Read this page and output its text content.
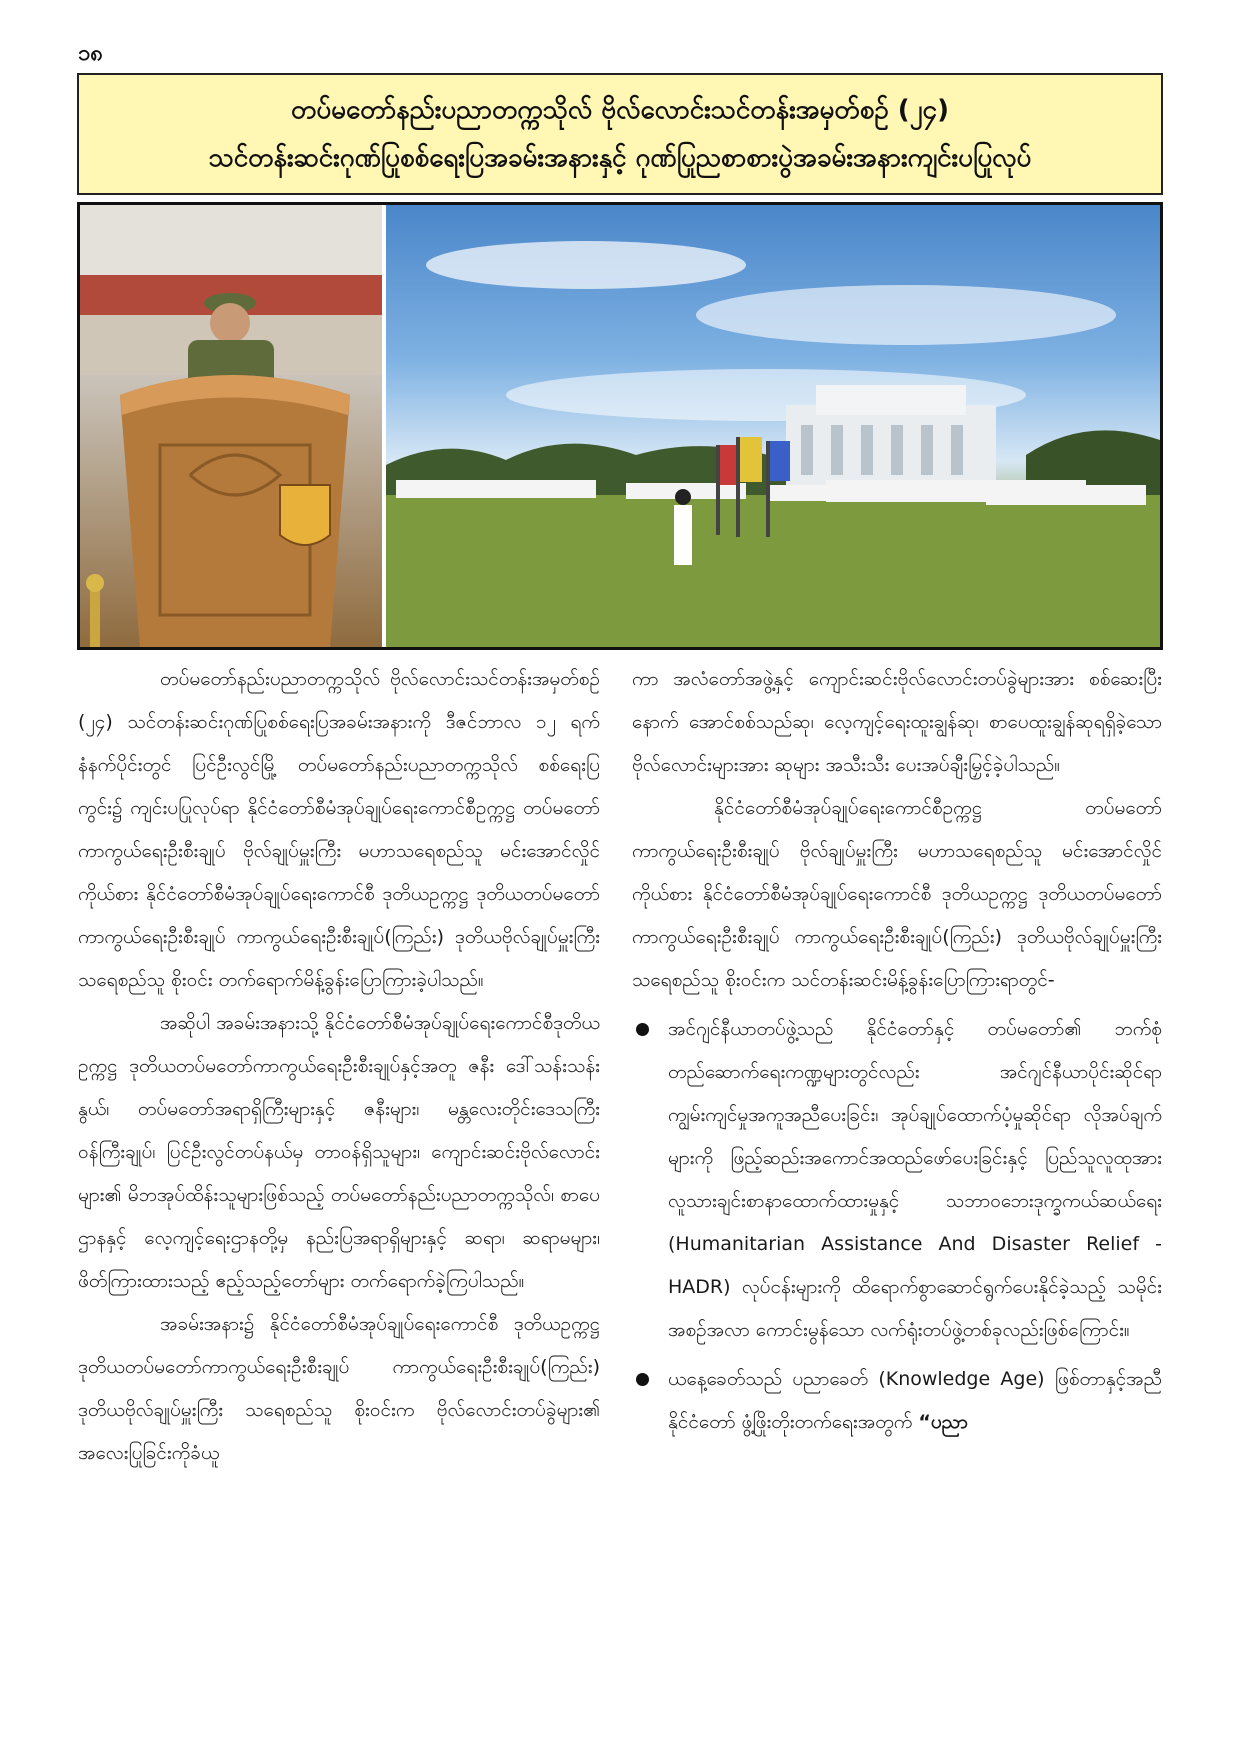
၁၈
တပ်မတော်နည်းပညာတက္ကသိုလ် ဗိုလ်လောင်းသင်တန်းအမှတ်စဉ် (၂၄)
သင်တန်းဆင်းဂုဏ်ပြုစစ်ရေးပြအခမ်းအနားနှင့် ဂုဏ်ပြုညစာစားပွဲအခမ်းအနားကျင်းပပြုလုပ်

တပ်မတော်နည်းပညာတက္ကသိုလ် ဗိုလ်လောင်းသင်တန်းအမှတ်စဉ် (၂၄) သင်တန်းဆင်းဂုဏ်ပြုစစ်ရေးပြအခမ်းအနားကို ဒီဇင်ဘာလ ၁၂ ရက်နံနက်ပိုင်းတွင် ပြင်ဦးလွင်မြို့ တပ်မတော်နည်းပညာတက္ကသိုလ် စစ်ရေးပြကွင်း၌ ကျင်းပပြုလုပ်ရာ နိုင်ငံတော်စီမံအုပ်ချုပ်ရေးကောင်စီဥက္ကဋ္ဌ တပ်မတော်ကာကွယ်ရေးဦးစီးချုပ် ဗိုလ်ချုပ်မှူးကြီး မဟာသရေစည်သူ မင်းအောင်လှိုင်ကိုယ်စား နိုင်ငံတော်စီမံအုပ်ချုပ်ရေးကောင်စီ ဒုတိယဥက္ကဋ္ဌ ဒုတိယတပ်မတော်ကာကွယ်ရေးဦးစီးချုပ် ကာကွယ်ရေးဦးစီးချုပ်(ကြည်း) ဒုတိယဗိုလ်ချုပ်မှူးကြီး သရေစည်သူ စိုးဝင်း တက်ရောက်မိန့်ခွန်းပြောကြားခဲ့ပါသည်။

အဆိုပါ အခမ်းအနားသို့ နိုင်ငံတော်စီမံအုပ်ချုပ်ရေးကောင်စီဒုတိယဥက္ကဋ္ဌ ဒုတိယတပ်မတော်ကာကွယ်ရေးဦးစီးချုပ်နှင့်အတူ ဇနီး ဒေါ်သန်းသန်းနွယ်၊ တပ်မတော်အရာရှိကြီးများနှင့် ဇနီးများ၊ မန္တလေးတိုင်းဒေသကြီးဝန်ကြီးချုပ်၊ ပြင်ဦးလွင်တပ်နယ်မှ တာဝန်ရှိသူများ၊ ကျောင်းဆင်းဗိုလ်လောင်းများ၏ မိဘအုပ်ထိန်းသူများဖြစ်သည့် တပ်မတော်နည်းပညာတက္ကသိုလ်၊ စာပေဌာနနှင့် လေ့ကျင့်ရေးဌာနတို့မှ နည်းပြအရာရှိများနှင့် ဆရာ၊ ဆရာမများ၊ ဖိတ်ကြားထားသည့် ဧည့်သည့်တော်များ တက်ရောက်ခဲ့ကြပါသည်။

အခမ်းအနား၌ နိုင်ငံတော်စီမံအုပ်ချုပ်ရေးကောင်စီ ဒုတိယဥက္ကဋ္ဌ ဒုတိယတပ်မတော်ကာကွယ်ရေးဦးစီးချုပ် ကာကွယ်ရေးဦးစီးချုပ်(ကြည်း) ဒုတိယဗိုလ်ချုပ်မှူးကြီး သရေစည်သူ စိုးဝင်းက ဗိုလ်လောင်းတပ်ခွဲများ၏ အလေးပြုခြင်းကိုခံယူ

ကာ အလံတော်အဖွဲ့နှင့် ကျောင်းဆင်းဗိုလ်လောင်းတပ်ခွဲများအား စစ်ဆေးပြီးနောက် အောင်စစ်သည်ဆု၊ လေ့ကျင့်ရေးထူးချွန်ဆု၊ စာပေထူးချွန်ဆုရရှိခဲ့သော ဗိုလ်လောင်းများအား ဆုများ အသီးသီး ပေးအပ်ချီးမြှင့်ခဲ့ပါသည်။

နိုင်ငံတော်စီမံအုပ်ချုပ်ရေးကောင်စီဥက္ကဋ္ဌ တပ်မတော်ကာကွယ်ရေးဦးစီးချုပ် ဗိုလ်ချုပ်မှူးကြီး မဟာသရေစည်သူ မင်းအောင်လှိုင်ကိုယ်စား နိုင်ငံတော်စီမံအုပ်ချုပ်ရေးကောင်စီ ဒုတိယဥက္ကဋ္ဌ ဒုတိယတပ်မတော်ကာကွယ်ရေးဦးစီးချုပ် ကာကွယ်ရေးဦးစီးချုပ်(ကြည်း) ဒုတိယဗိုလ်ချုပ်မှူးကြီး သရေစည်သူ စိုးဝင်းက သင်တန်းဆင်းမိန့်ခွန်းပြောကြားရာတွင်-

အင်ဂျင်နီယာတပ်ဖွဲ့သည် နိုင်ငံတော်နှင့် တပ်မတော်၏ ဘက်စုံတည်ဆောက်ရေးကဏ္ဍများတွင်လည်း အင်ဂျင်နီယာပိုင်းဆိုင်ရာ ကျွမ်းကျင်မှုအကူအညီပေးခြင်း၊ အုပ်ချုပ်ထောက်ပံ့မှုဆိုင်ရာ လိုအပ်ချက်များကို ဖြည့်ဆည်းအကောင်အထည်ဖော်ပေးခြင်းနှင့် ပြည်သူလူထုအား လူသားချင်းစာနာထောက်ထားမှုနှင့် သဘာဝဘေးဒုက္ခကယ်ဆယ်ရေး (Humanitarian Assistance And Disaster Relief - HADR) လုပ်ငန်းများကို ထိရောက်စွာဆောင်ရွက်ပေးနိုင်ခဲ့သည့် သမိုင်းအစဉ်အလာ ကောင်းမွန်သော လက်ရုံးတပ်ဖွဲ့တစ်ခုလည်းဖြစ်ကြောင်း။
ယနေ့ခေတ်သည် ပညာခေတ် (Knowledge Age) ဖြစ်တာနှင့်အညီ နိုင်ငံတော် ဖွံ့ဖြိုးတိုးတက်ရေးအတွက် “ပညာ
